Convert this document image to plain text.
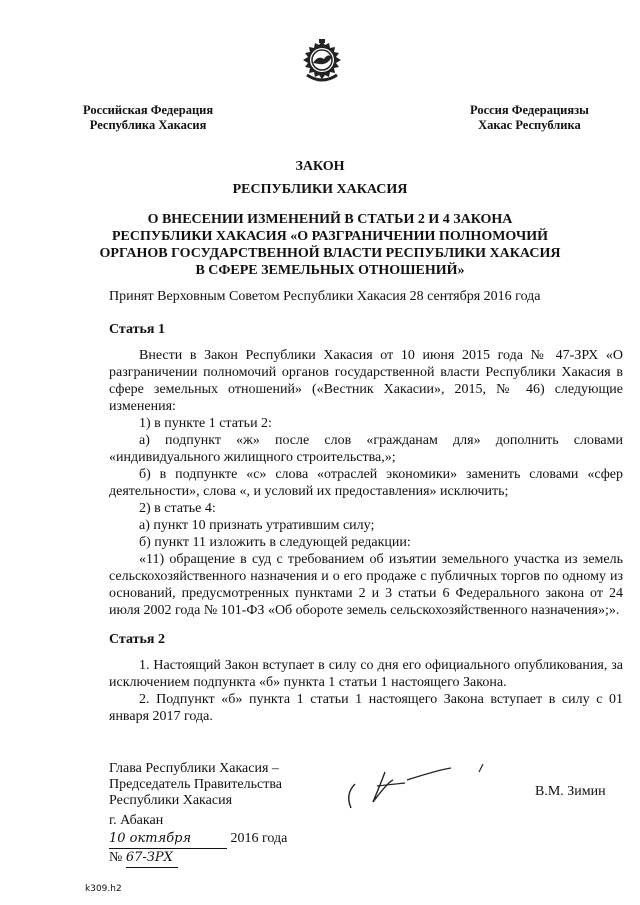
Российская Федерация
Республика Хакасия
Россия Федерациязы
Хакас Республика
ЗАКОН
РЕСПУБЛИКИ ХАКАСИЯ
О ВНЕСЕНИИ ИЗМЕНЕНИЙ В СТАТЬИ 2 И 4 ЗАКОНА
РЕСПУБЛИКИ ХАКАСИЯ «О РАЗГРАНИЧЕНИИ ПОЛНОМОЧИЙ
ОРГАНОВ ГОСУДАРСТВЕННОЙ ВЛАСТИ РЕСПУБЛИКИ ХАКАСИЯ
В СФЕРЕ ЗЕМЕЛЬНЫХ ОТНОШЕНИЙ»
Принят Верховным Советом Республики Хакасия 28 сентября 2016 года
Статья 1

Внести в Закон Республики Хакасия от 10 июня 2015 года № 47-ЗРХ «О разграничении полномочий органов государственной власти Республики Хакасия в сфере земельных отношений» («Вестник Хакасии», 2015, № 46) следующие изменения:

1) в пункте 1 статьи 2:

а) подпункт «ж» после слов «гражданам для» дополнить словами «индивидуального жилищного строительства,»;

б) в подпункте «с» слова «отраслей экономики» заменить словами «сфер деятельности», слова «, и условий их предоставления» исключить;

2) в статье 4:

а) пункт 10 признать утратившим силу;

б) пункт 11 изложить в следующей редакции:

«11) обращение в суд с требованием об изъятии земельного участка из земель сельскохозяйственного назначения и о его продаже с публичных торгов по одному из оснований, предусмотренных пунктами 2 и 3 статьи 6 Федерального закона от 24 июля 2002 года № 101-ФЗ «Об обороте земель сельскохозяйственного назначения»;».

Статья 2

1. Настоящий Закон вступает в силу со дня его официального опубликования, за исключением подпункта «б» пункта 1 статьи 1 настоящего Закона.

2. Подпункт «б» пункта 1 статьи 1 настоящего Закона вступает в силу с 01 января 2017 года.

Глава Республики Хакасия –
Председатель Правительства
Республики Хакасия
В.М. Зимин
г. Абакан
10 октября	2016 года
№ 67-ЗРХ
k309.h2
